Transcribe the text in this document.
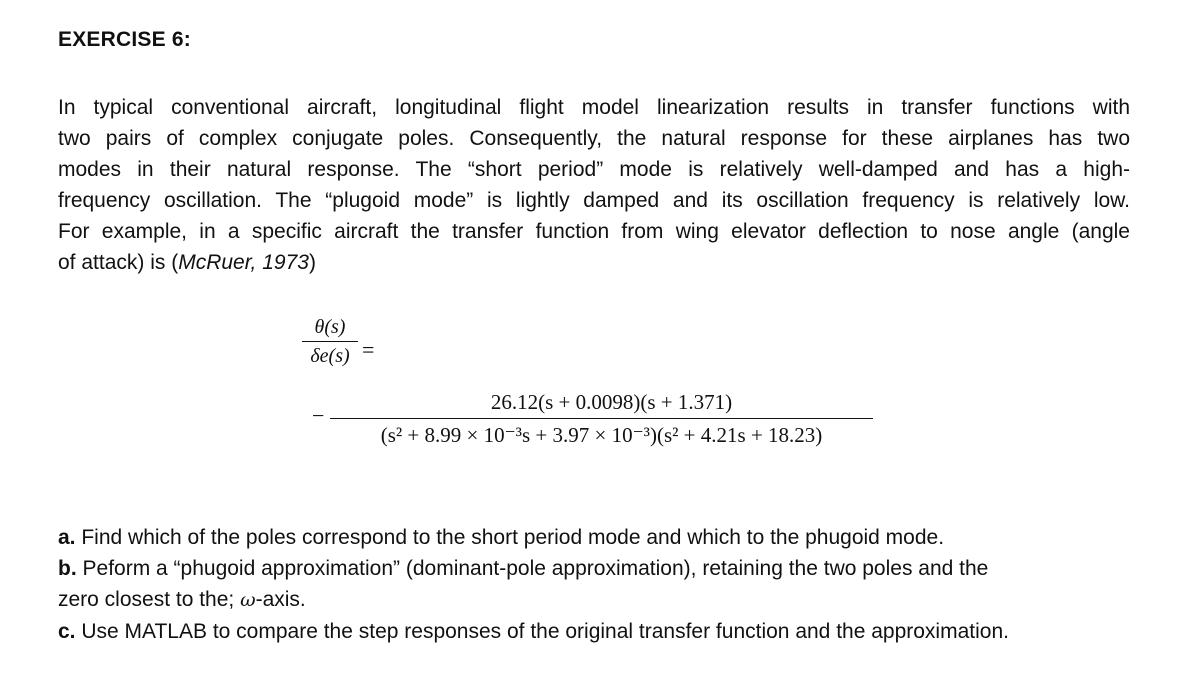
EXERCISE 6:
In typical conventional aircraft, longitudinal flight model linearization results in transfer functions with
two pairs of complex conjugate poles. Consequently, the natural response for these airplanes has two
modes in their natural response. The “short period” mode is relatively well-damped and has a high-
frequency oscillation. The “plugoid mode” is lightly damped and its oscillation frequency is relatively low.
For example, in a specific aircraft the transfer function from wing elevator deflection to nose angle (angle
of attack) is (McRuer, 1973)
θ(s)
δe(s) =
−
26.12(s + 0.0098)(s + 1.371)
(s² + 8.99 × 10⁻³s + 3.97 × 10⁻³)(s² + 4.21s + 18.23)
a. Find which of the poles correspond to the short period mode and which to the phugoid mode.
b. Peform a “phugoid approximation” (dominant-pole approximation), retaining the two poles and the
zero closest to the; ω-axis.
c. Use MATLAB to compare the step responses of the original transfer function and the approximation.
